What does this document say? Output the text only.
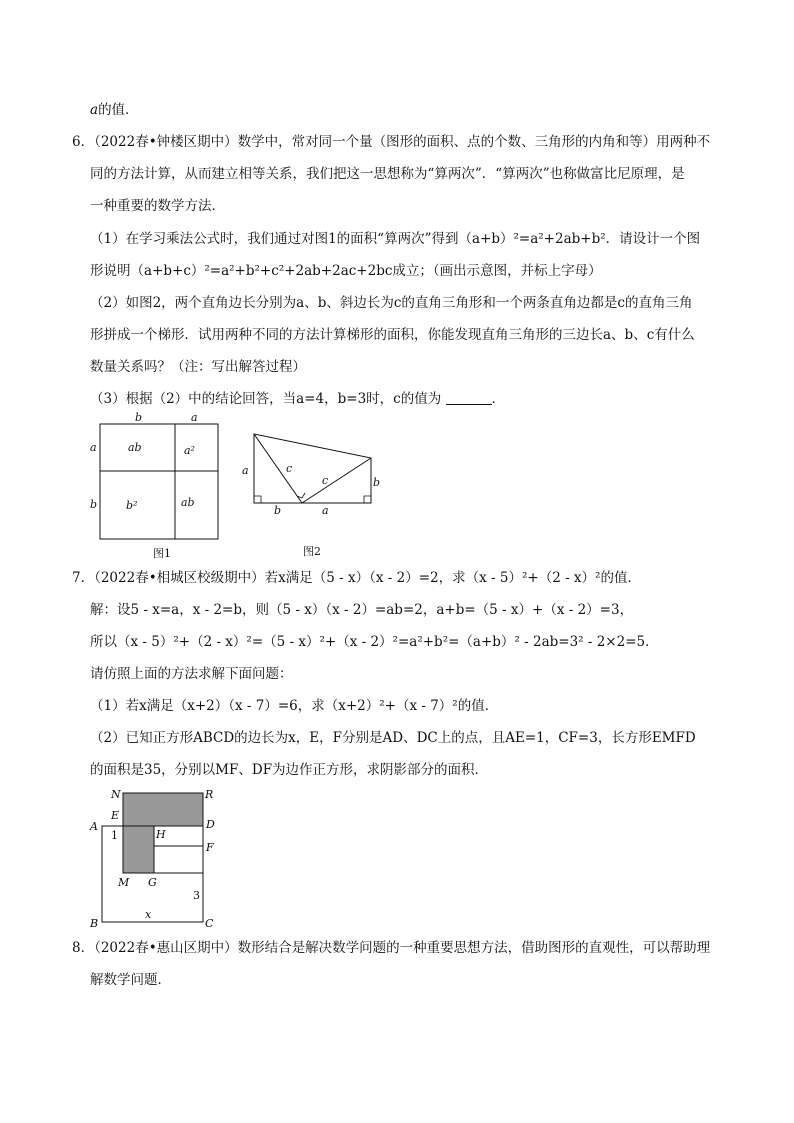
a的值．
6．（2022春•钟楼区期中）数学中，常对同一个量（图形的面积、点的个数、三角形的内角和等）用两种不
同的方法计算，从而建立相等关系，我们把这一思想称为“算两次”．“算两次”也称做富比尼原理，是
一种重要的数学方法．
（1）在学习乘法公式时，我们通过对图1的面积“算两次”得到（a+b）²=a²+2ab+b²．请设计一个图
形说明（a+b+c）²=a²+b²+c²+2ab+2ac+2bc成立；（画出示意图，并标上字母）
（2）如图2，两个直角边长分别为a、b、斜边长为c的直角三角形和一个两条直角边都是c的直角三角
形拼成一个梯形．试用两种不同的方法计算梯形的面积，你能发现直角三角形的三边长a、b、c有什么
数量关系吗？（注：写出解答过程）
（3）根据（2）中的结论回答，当a=4，b=3时，c的值为	．
b	a
a
b
ab	a²
b²	ab
图1
a	c
c	b
b	a
图2
7．（2022春•相城区校级期中）若x满足（5 - x）（x - 2）=2，求（x - 5）²+（2 - x）²的值．
解：设5 - x=a，x - 2=b，则（5 - x）（x - 2）=ab=2，a+b=（5 - x）+（x - 2）=3，
所以（x - 5）²+（2 - x）²=（5 - x）²+（x - 2）²=a²+b²=（a+b）² - 2ab=3² - 2×2=5．
请仿照上面的方法求解下面问题：
（1）若x满足（x+2）（x - 7）=6，求（x+2）²+（x - 7）²的值．
（2）已知正方形ABCD的边长为x，E，F分别是AD、DC上的点，且AE=1，CF=3，长方形EMFD
的面积是35，分别以MF、DF为边作正方形，求阴影部分的面积．
N	R
E
D
A
1	H
F
M G
3
B
x
C
8．（2022春•惠山区期中）数形结合是解决数学问题的一种重要思想方法，借助图形的直观性，可以帮助理
解数学问题．
